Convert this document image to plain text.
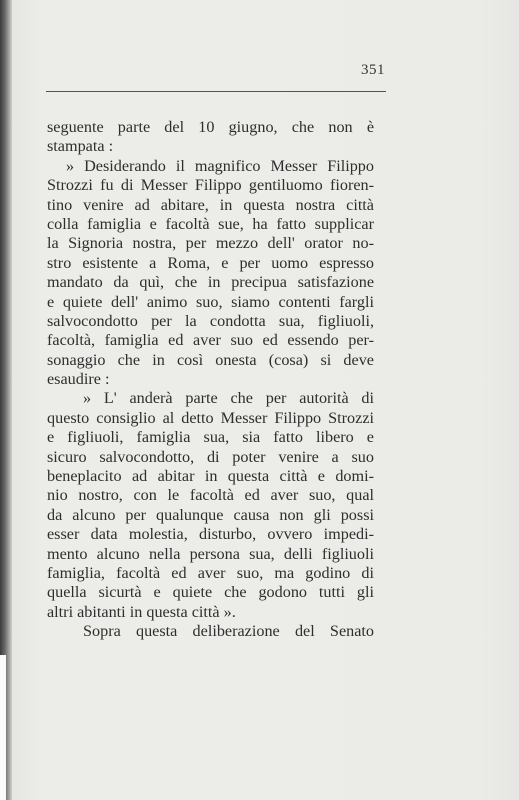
351
seguente parte del 10 giugno, che non è
stampata :
» Desiderando il magnifico Messer Filippo
Strozzi fu di Messer Filippo gentiluomo fioren-
tino venire ad abitare, in questa nostra città
colla famiglia e facoltà sue, ha fatto supplicar
la Signoria nostra, per mezzo dell' orator no-
stro esistente a Roma, e per uomo espresso
mandato da quì, che in precipua satisfazione
e quiete dell' animo suo, siamo contenti fargli
salvocondotto per la condotta sua, figliuoli,
facoltà, famiglia ed aver suo ed essendo per-
sonaggio che in così onesta (cosa) si deve
esaudire :
» L' anderà parte che per autorità di
questo consiglio al detto Messer Filippo Strozzi
e figliuoli, famiglia sua, sia fatto libero e
sicuro salvocondotto, di poter venire a suo
beneplacito ad abitar in questa città e domi-
nio nostro, con le facoltà ed aver suo, qual
da alcuno per qualunque causa non gli possi
esser data molestia, disturbo, ovvero impedi-
mento alcuno nella persona sua, delli figliuoli
famiglia, facoltà ed aver suo, ma godino di
quella sicurtà e quiete che godono tutti gli
altri abitanti in questa città ».
Sopra questa deliberazione del Senato
